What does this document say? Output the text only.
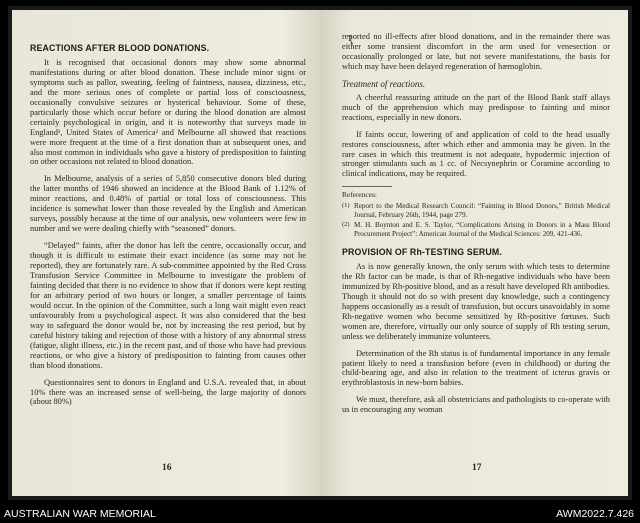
REACTIONS AFTER BLOOD DONATIONS.

It is recognised that occasional donors may show some abnormal manifestations during or after blood donation. These include minor signs or symptoms such as pallor, sweating, feeling of faintness, nausea, dizziness, etc., and the more serious ones of complete or partial loss of consciousness, occasionally convulsive seizures or hysterical behaviour. Some of these, particularly those which occur before or during the blood donation are almost certainly psychological in origin, and it is noteworthy that surveys made in England¹, United States of America² and Melbourne all showed that reactions were more frequent at the time of a first donation than at subsequent ones, and also most common in individuals who gave a history of predisposition to fainting on other occasions not related to blood donation.

In Melbourne, analysis of a series of 5,850 consecutive donors bled during the latter months of 1946 showed an incidence at the Blood Bank of 1.12% of minor reactions, and 0.48% of partial or total loss of consciousness. This incidence is somewhat lower than those revealed by the English and American surveys, possibly because at the time of our analysis, new volunteers were few in number and we were dealing chiefly with “seasoned” donors.

“Delayed” faints, after the donor has left the centre, occasionally occur, and though it is difficult to estimate their exact incidence (as some may not be reported), they are fortunately rare. A sub-committee appointed by the Red Cross Transfusion Service Committee in Melbourne to investigate the problem of fainting decided that there is no evidence to show that if donors were kept resting for an arbitrary period of two hours or longer, a smaller percentage of faints would occur. In the opinion of the Committee, such a long wait might even react unfavourably from a psychological aspect. It was also considered that the best way to safeguard the donor would be, not by increasing the rest period, but by careful history taking and rejection of those with a history of any abnormal stress (fatigue, slight illness, etc.) in the recent past, and of those who have had previous reactions, or who give a history of predisposition to fainting from causes other than blood donations.

Questionnaires sent to donors in England and U.S.A. revealed that, in about 10% there was an increased sense of well-being, the large majority of donors (about 80%)

16

reported no ill-effects after blood donations, and in the remainder there was either some transient discomfort in the arm used for venesection or occasionally prolonged or late, but not severe manifestations, the basis for which may have been delayed regeneration of hæmoglobin.

Treatment of reactions.

A cheerful reassuring attitude on the part of the Blood Bank staff allays much of the apprehension which may predispose to fainting and minor reactions, especially in new donors.

If faints occur, lowering of and application of cold to the head usually restores consciousness, after which ether and ammonia may be given. In the rare cases in which this treatment is not adequate, hypodermic injection of stronger stimulants such as 1 cc. of Necsynephrin or Coramine according to clinical indications, may be required.

References:
(1) Report to the Medical Research Council: “Fainting in Blood Donors,” British Medical Journal, February 26th, 1944, page 279.
(2) M. H. Boynton and E. S. Taylor, “Complications Arising in Donors in a Mass Blood Procurement Project”: American Journal of the Medical Sciences: 209, 421-436.
PROVISION OF Rh-TESTING SERUM.

As is now generally known, the only serum with which tests to determine the Rh factor can be made, is that of Rh-negative individuals who have been immunized by Rh-positive blood, and as a result have developed Rh antibodies. Though it should not do so with present day knowledge, such a contingency happens occasionally as a result of transfusion, but occurs unavoidably in some Rh-negative women who become sensitized by Rh-positive fœtuses. Such women are, therefore, virtually our only source of supply of Rh testing serum, unless we deliberately immunize volunteers.

Determination of the Rh status is of fundamental importance in any female patient likely to need a transfusion before (even in childhood) or during the child-bearing age, and also in relation to the treatment of icterus gravis or erythroblastosis in new-born babies.

We must, therefore, ask all obstetricians and pathologists to co-operate with us in encouraging any woman

17
AUSTRALIAN WAR MEMORIAL	AWM2022.7.426
